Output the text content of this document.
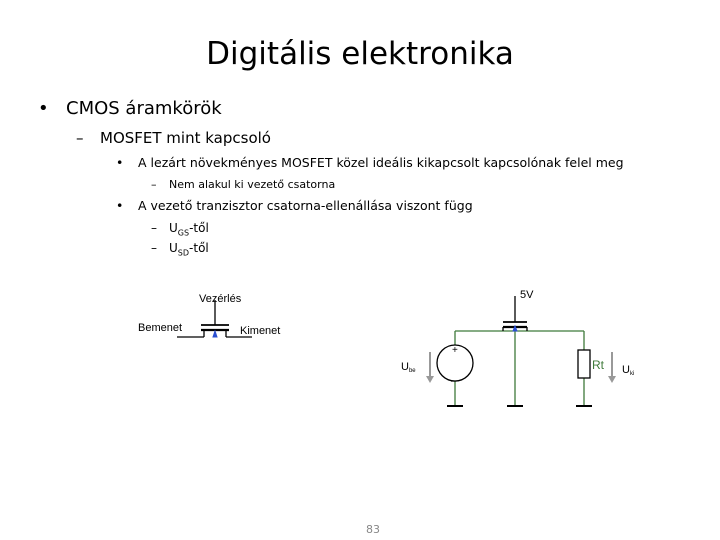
Digitális elektronika
• CMOS áramkörök
– MOSFET mint kapcsoló
• A lezárt növekményes MOSFET közel ideális kikapcsolt kapcsolónak felel meg
– Nem alakul ki vezető csatorna
• A vezető tranzisztor csatorna-ellenállása viszont függ
– $U_{GS}$-től
– $U_{SD}$-től
Vezérlés
Bemenet	Kimenet
5V
+
–
Ube	Uki
Rt
83
